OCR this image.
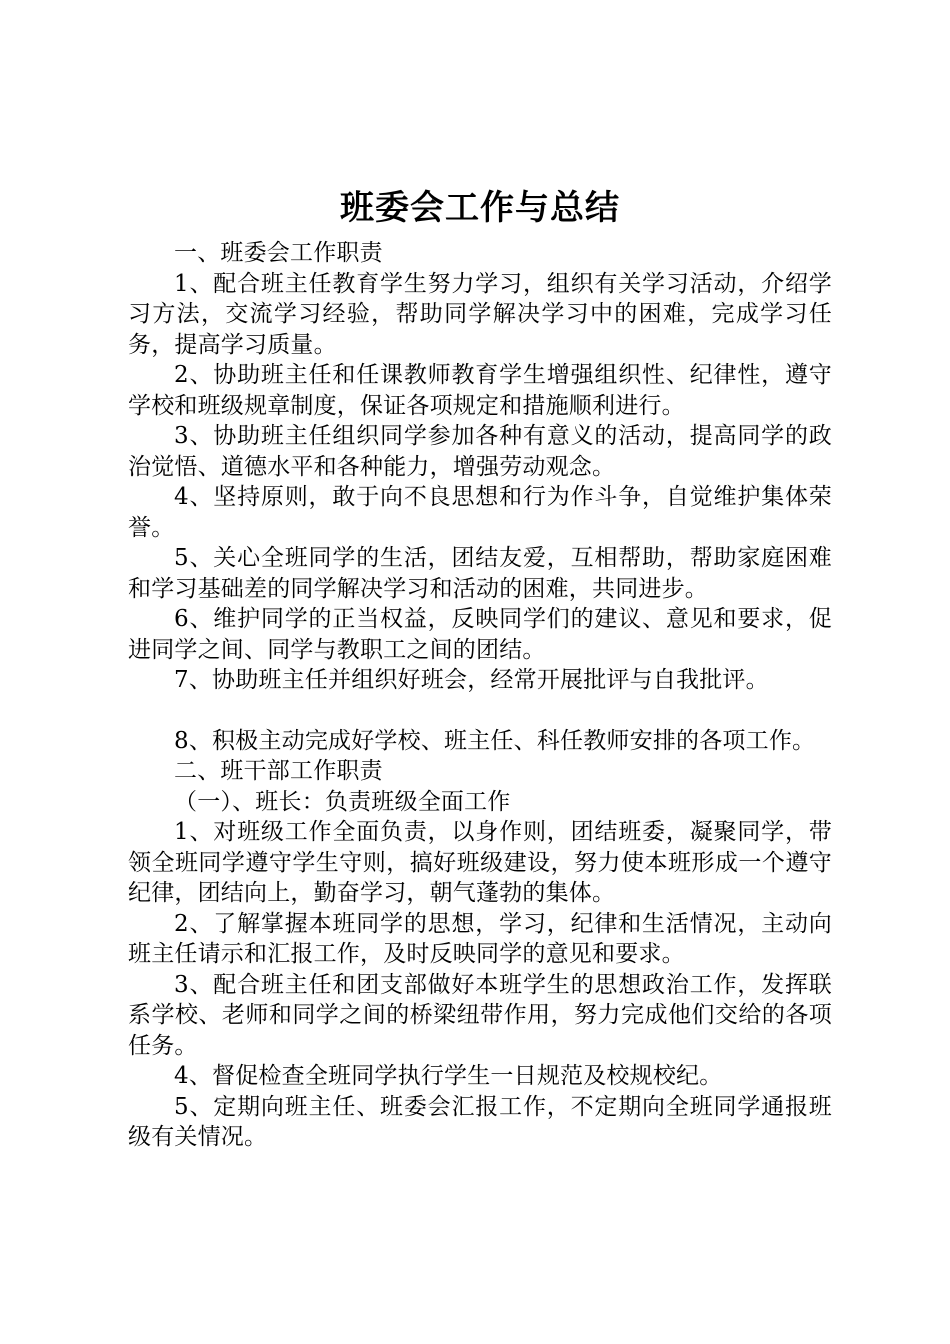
班委会工作与总结

一、班委会工作职责

1、配合班主任教育学生努力学习，组织有关学习活动，介绍学习方法，交流学习经验，帮助同学解决学习中的困难，完成学习任务，提高学习质量。

2、协助班主任和任课教师教育学生增强组织性、纪律性，遵守学校和班级规章制度，保证各项规定和措施顺利进行。

3、协助班主任组织同学参加各种有意义的活动，提高同学的政治觉悟、道德水平和各种能力，增强劳动观念。

4、坚持原则，敢于向不良思想和行为作斗争，自觉维护集体荣誉。

5、关心全班同学的生活，团结友爱，互相帮助，帮助家庭困难和学习基础差的同学解决学习和活动的困难，共同进步。

6、维护同学的正当权益，反映同学们的建议、意见和要求，促进同学之间、同学与教职工之间的团结。

7、协助班主任并组织好班会，经常开展批评与自我批评。

8、积极主动完成好学校、班主任、科任教师安排的各项工作。

二、班干部工作职责

（一）、班长：负责班级全面工作

1、对班级工作全面负责，以身作则，团结班委，凝聚同学，带领全班同学遵守学生守则，搞好班级建设，努力使本班形成一个遵守纪律，团结向上，勤奋学习，朝气蓬勃的集体。

2、了解掌握本班同学的思想，学习，纪律和生活情况，主动向班主任请示和汇报工作，及时反映同学的意见和要求。

3、配合班主任和团支部做好本班学生的思想政治工作，发挥联系学校、老师和同学之间的桥梁纽带作用，努力完成他们交给的各项任务。

4、督促检查全班同学执行学生一日规范及校规校纪。

5、定期向班主任、班委会汇报工作，不定期向全班同学通报班级有关情况。
